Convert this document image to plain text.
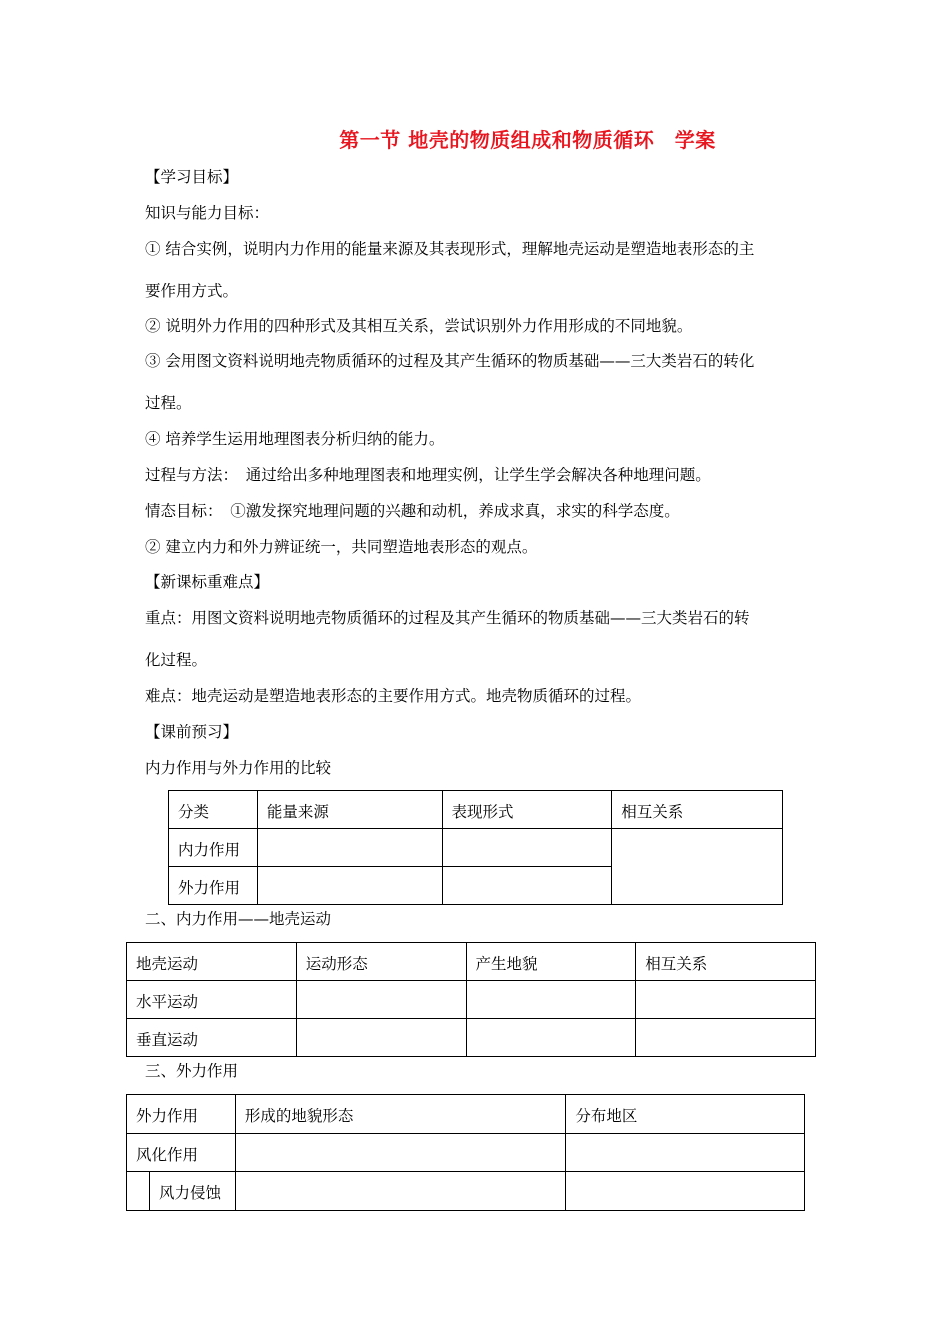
第一节 地壳的物质组成和物质循环　学案
【学习目标】
知识与能力目标：
① 结合实例，说明内力作用的能量来源及其表现形式，理解地壳运动是塑造地表形态的主
要作用方式。
② 说明外力作用的四种形式及其相互关系，尝试识别外力作用形成的不同地貌。
③ 会用图文资料说明地壳物质循环的过程及其产生循环的物质基础——三大类岩石的转化
过程。
④ 培养学生运用地理图表分析归纳的能力。
过程与方法：　通过给出多种地理图表和地理实例，让学生学会解决各种地理问题。
情态目标：　①激发探究地理问题的兴趣和动机，养成求真，求实的科学态度。
② 建立内力和外力辨证统一，共同塑造地表形态的观点。
【新课标重难点】
重点：用图文资料说明地壳物质循环的过程及其产生循环的物质基础——三大类岩石的转
化过程。
难点：地壳运动是塑造地表形态的主要作用方式。地壳物质循环的过程。
【课前预习】
内力作用与外力作用的比较
分类	能量来源	表现形式	相互关系
内力作用			
外力作用			
二、内力作用——地壳运动
地壳运动	运动形态	产生地貌	相互关系
水平运动			
垂直运动			
三、外力作用
外力作用		形成的地貌形态	分布地区
风化作用			
	风力侵蚀		
